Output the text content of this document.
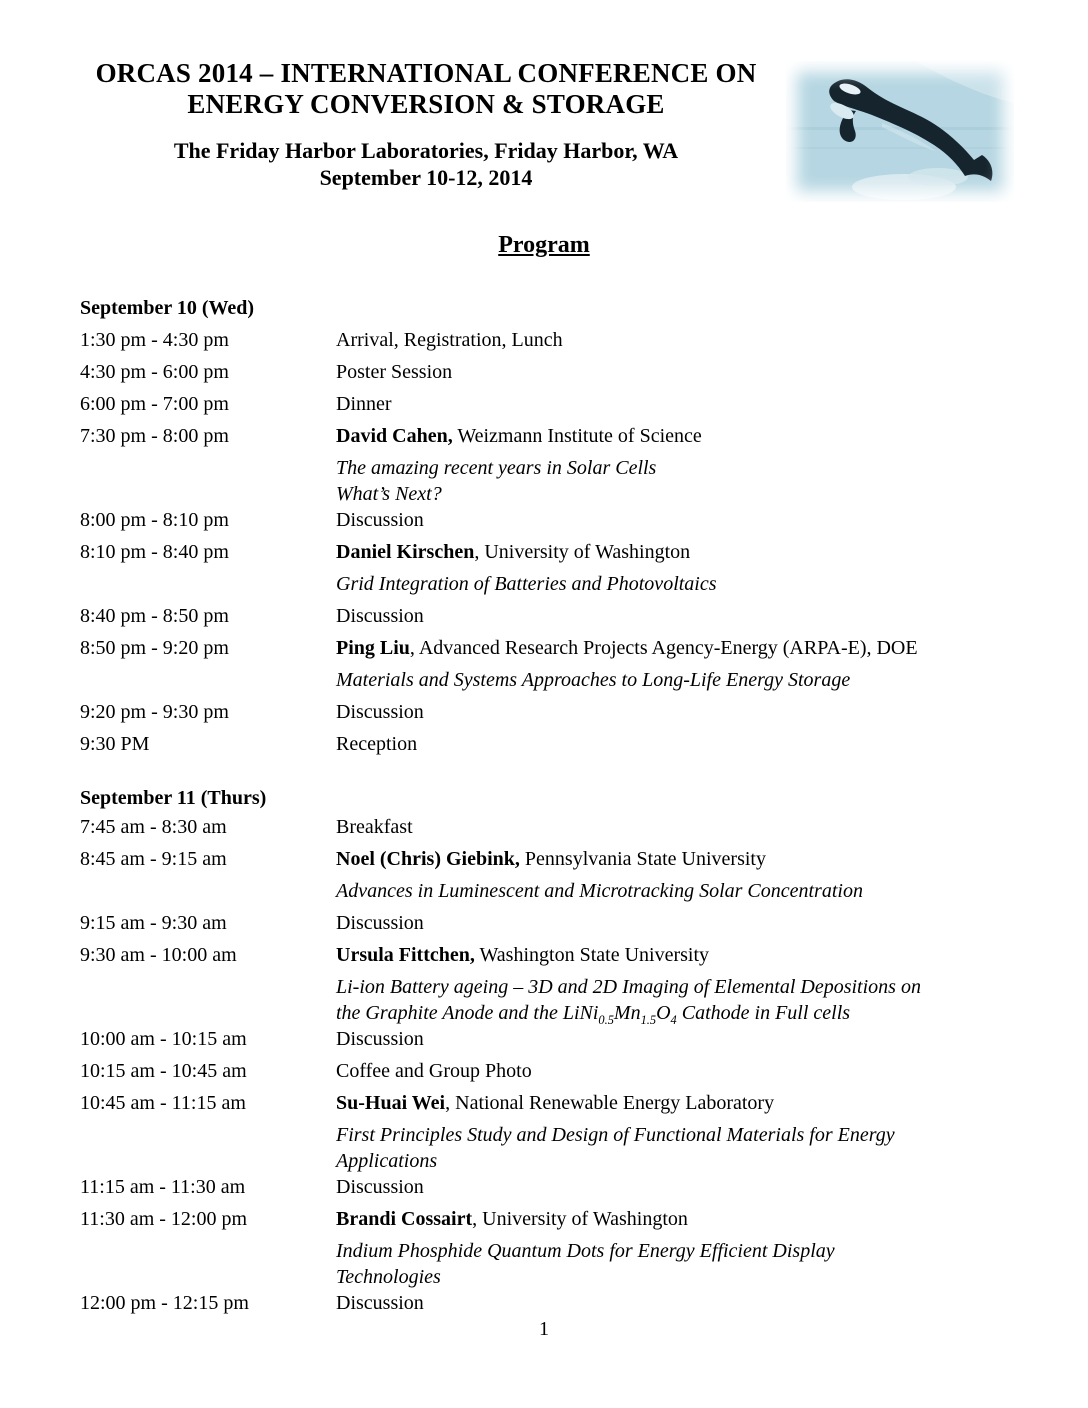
ORCAS 2014 – INTERNATIONAL CONFERENCE ON
ENERGY CONVERSION & STORAGE
The Friday Harbor Laboratories, Friday Harbor, WA
September 10-12, 2014
Program
September 10 (Wed)
1:30 pm - 4:30 pm	Arrival, Registration, Lunch
4:30 pm - 6:00 pm	Poster Session
6:00 pm - 7:00 pm	Dinner
7:30 pm - 8:00 pm	David Cahen, Weizmann Institute of Science
The amazing recent years in Solar Cells
What’s Next?
8:00 pm - 8:10 pm	Discussion
8:10 pm - 8:40 pm	Daniel Kirschen, University of Washington
Grid Integration of Batteries and Photovoltaics
8:40 pm - 8:50 pm	Discussion
8:50 pm - 9:20 pm	Ping Liu, Advanced Research Projects Agency-Energy (ARPA-E), DOE
Materials and Systems Approaches to Long-Life Energy Storage
9:20 pm - 9:30 pm	Discussion
9:30 PM	Reception
September 11 (Thurs)
7:45 am - 8:30 am	Breakfast
8:45 am - 9:15 am	Noel (Chris) Giebink, Pennsylvania State University
Advances in Luminescent and Microtracking Solar Concentration
9:15 am - 9:30 am	Discussion
9:30 am - 10:00 am	Ursula Fittchen, Washington State University
Li-ion Battery ageing – 3D and 2D Imaging of Elemental Depositions on
the Graphite Anode and the $LiNi_{0.5}Mn_{1.5}O_4$ Cathode in Full cells
10:00 am - 10:15 am	Discussion
10:15 am - 10:45 am	Coffee and Group Photo
10:45 am - 11:15 am	Su-Huai Wei, National Renewable Energy Laboratory
First Principles Study and Design of Functional Materials for Energy
Applications
11:15 am - 11:30 am	Discussion
11:30 am - 12:00 pm	Brandi Cossairt, University of Washington
Indium Phosphide Quantum Dots for Energy Efficient Display
Technologies
12:00 pm - 12:15 pm	Discussion
1
